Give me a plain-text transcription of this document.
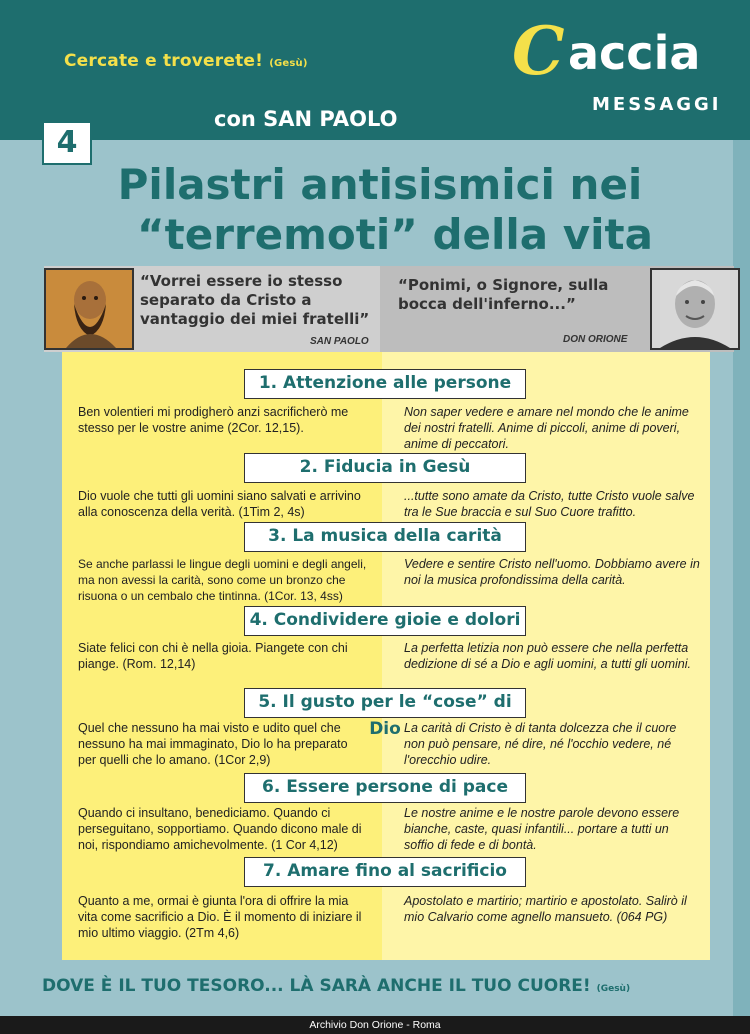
Cercate e troverete! (Gesù)
con SAN PAOLO
C accia
MESSAGGI
4
Pilastri antisismici nei
“terremoti” della vita
“Vorrei essere io stesso separato da Cristo a vantaggio dei miei fratelli”
SAN PAOLO
“Ponimi, o Signore, sulla bocca dell'inferno...”
DON ORIONE
1. Attenzione alle persone
Ben volentieri mi prodigherò anzi sacrificherò me stesso per le vostre anime (2Cor. 12,15).
Non saper vedere e amare nel mondo che le anime dei nostri fratelli. Anime di piccoli, anime di poveri, anime di peccatori.
2. Fiducia in Gesù
Dio vuole che tutti gli uomini siano salvati e arrivino alla conoscenza della verità. (1Tim 2, 4s)
...tutte sono amate da Cristo, tutte Cristo vuole salve tra le Sue braccia e sul Suo Cuore trafitto.
3. La musica della carità
Se anche parlassi le lingue degli uomini e degli angeli, ma non avessi la carità, sono come un bronzo che risuona o un cembalo che tintinna. (1Cor. 13, 4ss)
Vedere e sentire Cristo nell'uomo. Dobbiamo avere in noi la musica profondissima della carità.
4. Condividere gioie e dolori
Siate felici con chi è nella gioia. Piangete con chi piange. (Rom. 12,14)
La perfetta letizia non può essere che nella perfetta dedizione di sé a Dio e agli uomini, a tutti gli uomini.
5. Il gusto per le “cose” di Dio
Quel che nessuno ha mai visto e udito quel che nessuno ha mai immaginato, Dio lo ha preparato per quelli che lo amano. (1Cor 2,9)
La carità di Cristo è di tanta dolcezza che il cuore non può pensare, né dire, né l'occhio vedere, né l'orecchio udire.
6. Essere persone di pace
Quando ci insultano, benediciamo. Quando ci perseguitano, sopportiamo. Quando dicono male di noi, rispondiamo amichevolmente. (1 Cor 4,12)
Le nostre anime e le nostre parole devono essere bianche, caste, quasi infantili... portare a tutti un soffio di fede e di bontà.
7. Amare fino al sacrificio
Quanto a me, ormai è giunta l'ora di offrire la mia vita come sacrificio a Dio. È il momento di iniziare il mio ultimo viaggio. (2Tm 4,6)
Apostolato e martirio; martirio e apostolato. Salirò il mio Calvario come agnello mansueto. (064 PG)
DOVE È IL TUO TESORO... LÀ SARÀ ANCHE IL TUO CUORE! (Gesù)
Archivio Don Orione - Roma
